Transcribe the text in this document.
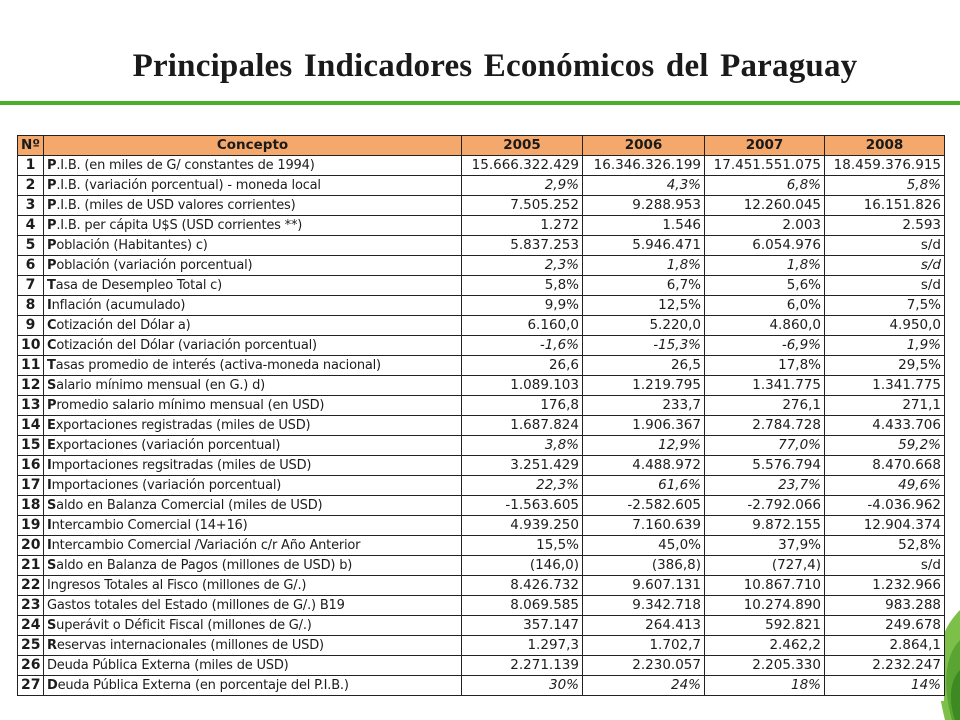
Principales Indicadores Económicos del Paraguay
Nº	Concepto	2005	2006	2007	2008
1	P.I.B. (en miles de G/ constantes de 1994)	15.666.322.429	16.346.326.199	17.451.551.075	18.459.376.915
2	P.I.B. (variación porcentual) - moneda local	2,9%	4,3%	6,8%	5,8%
3	P.I.B. (miles de USD valores corrientes)	7.505.252	9.288.953	12.260.045	16.151.826
4	P.I.B. per cápita U$S (USD corrientes **)	1.272	1.546	2.003	2.593
5	Población (Habitantes) c)	5.837.253	5.946.471	6.054.976	s/d
6	Población (variación porcentual)	2,3%	1,8%	1,8%	s/d
7	Tasa de Desempleo Total c)	5,8%	6,7%	5,6%	s/d
8	Inflación (acumulado)	9,9%	12,5%	6,0%	7,5%
9	Cotización del Dólar a)	6.160,0	5.220,0	4.860,0	4.950,0
10	Cotización del Dólar (variación porcentual)	-1,6%	-15,3%	-6,9%	1,9%
11	Tasas promedio de interés (activa-moneda nacional)	26,6	26,5	17,8%	29,5%
12	Salario mínimo mensual (en G.) d)	1.089.103	1.219.795	1.341.775	1.341.775
13	Promedio salario mínimo mensual (en USD)	176,8	233,7	276,1	271,1
14	Exportaciones registradas (miles de USD)	1.687.824	1.906.367	2.784.728	4.433.706
15	Exportaciones (variación porcentual)	3,8%	12,9%	77,0%	59,2%
16	Importaciones regsitradas (miles de USD)	3.251.429	4.488.972	5.576.794	8.470.668
17	Importaciones (variación porcentual)	22,3%	61,6%	23,7%	49,6%
18	Saldo en Balanza Comercial (miles de USD)	-1.563.605	-2.582.605	-2.792.066	-4.036.962
19	Intercambio Comercial (14+16)	4.939.250	7.160.639	9.872.155	12.904.374
20	Intercambio Comercial /Variación c/r Año Anterior	15,5%	45,0%	37,9%	52,8%
21	Saldo en Balanza de Pagos (millones de USD) b)	(146,0)	(386,8)	(727,4)	s/d
22	Ingresos Totales al Fisco (millones de G/.)	8.426.732	9.607.131	10.867.710	1.232.966
23	Gastos totales del Estado (millones de G/.) B19	8.069.585	9.342.718	10.274.890	983.288
24	Superávit o Déficit Fiscal (millones de G/.)	357.147	264.413	592.821	249.678
25	Reservas internacionales (millones de USD)	1.297,3	1.702,7	2.462,2	2.864,1
26	Deuda Pública Externa (miles de USD)	2.271.139	2.230.057	2.205.330	2.232.247
27	Deuda Pública Externa (en porcentaje del P.I.B.)	30%	24%	18%	14%
